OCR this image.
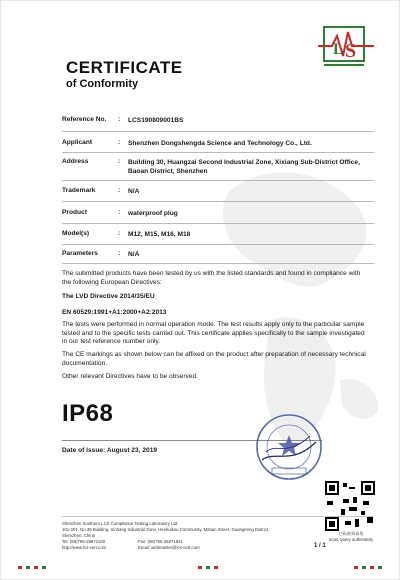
CERTIFICATE
of Conformity
L S
Reference No. : LCS190809001BS
Applicant	: Shenzhen Dongshengda Science and Technology Co., Ltd.
Address	: Building 30, Huangzai Second Industrial Zone, Xixiang Sub-District Office, Baoan District, Shenzhen
Trademark	: N/A
Product	: waterproof plug
Model(s)	: M12, M15, M16, M18
Parameters	: N/A
The submitted products have been tested by us with the listed standards and found in compliance with the following European Directives:
The LVD Directive 2014/35/EU
EN 60529:1991+A1:2000+A2:2013
The tests were performed in normal operation mode. The test results apply only to the particular sample tested and to the specific tests carried out. This certificate applies specifically to the sample investigated in our test reference number only.
The CE markings as shown below can be affixed on the product after preparation of necessary technical documentation.
Other relevant Directives have to be observed.
IP68
Date of Issue: August 23, 2019
扫码查询真伪
Scan,Query authenticity
Shenzhen Southern LCS Compliance Testing Laboratory Ltd.
101-201, No.39 Building, Xinhang Industrial Zone, Heshuikou Community, Matian Street, Guangming District,
Shenzhen, China
Tel: (86)755-28871520	Fax: (86)755-28871521
http://www.lcs-cert.com	Email: webmaster@lcs-cert.com	1 / 1
